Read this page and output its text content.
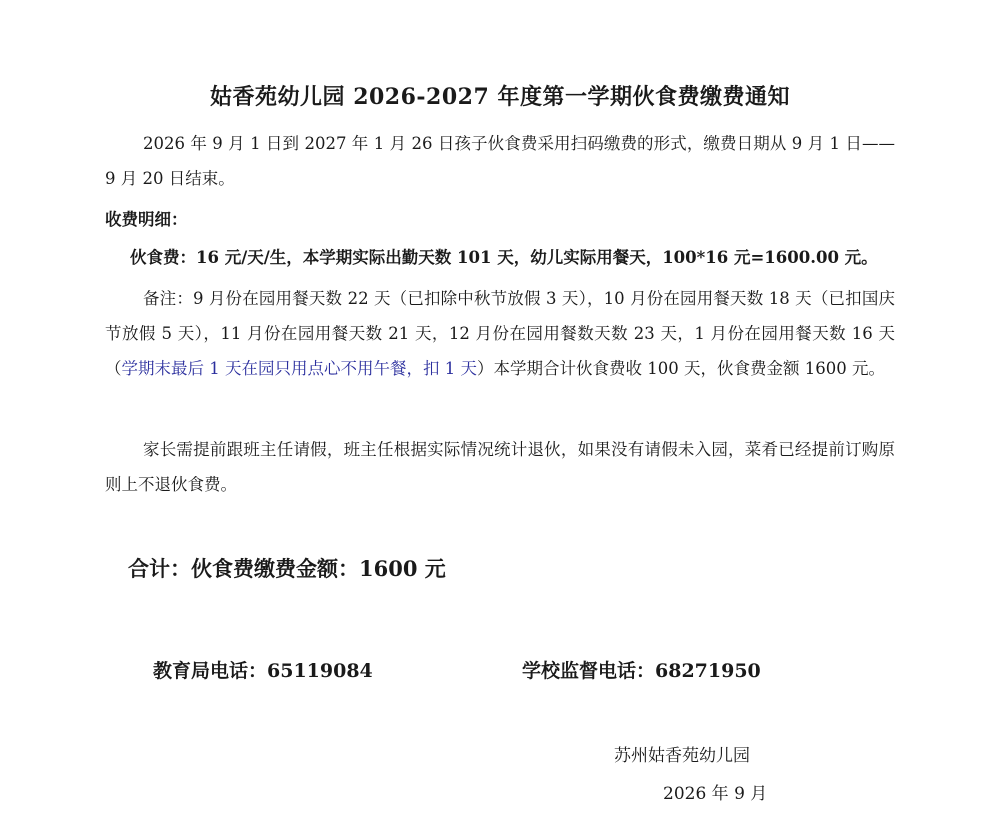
姑香苑幼儿园 2026-2027 年度第一学期伙食费缴费通知
2026 年 9 月 1 日到 2027 年 1 月 26 日孩子伙食费采用扫码缴费的形式，缴费日期从 9 月 1 日——9 月 20 日结束。
收费明细：
伙食费：16 元/天/生，本学期实际出勤天数 101 天，幼儿实际用餐天，100*16 元=1600.00 元。
备注：9 月份在园用餐天数 22 天（已扣除中秋节放假 3 天），10 月份在园用餐天数 18 天（已扣国庆节放假 5 天），11 月份在园用餐天数 21 天，12 月份在园用餐数天数 23 天，1 月份在园用餐天数 16 天（学期末最后 1 天在园只用点心不用午餐，扣 1 天）本学期合计伙食费收 100 天，伙食费金额 1600 元。
家长需提前跟班主任请假，班主任根据实际情况统计退伙，如果没有请假未入园，菜肴已经提前订购原则上不退伙食费。
合计：伙食费缴费金额：1600 元
教育局电话：65119084	学校监督电话：68271950
苏州姑香苑幼儿园
2026 年 9 月
